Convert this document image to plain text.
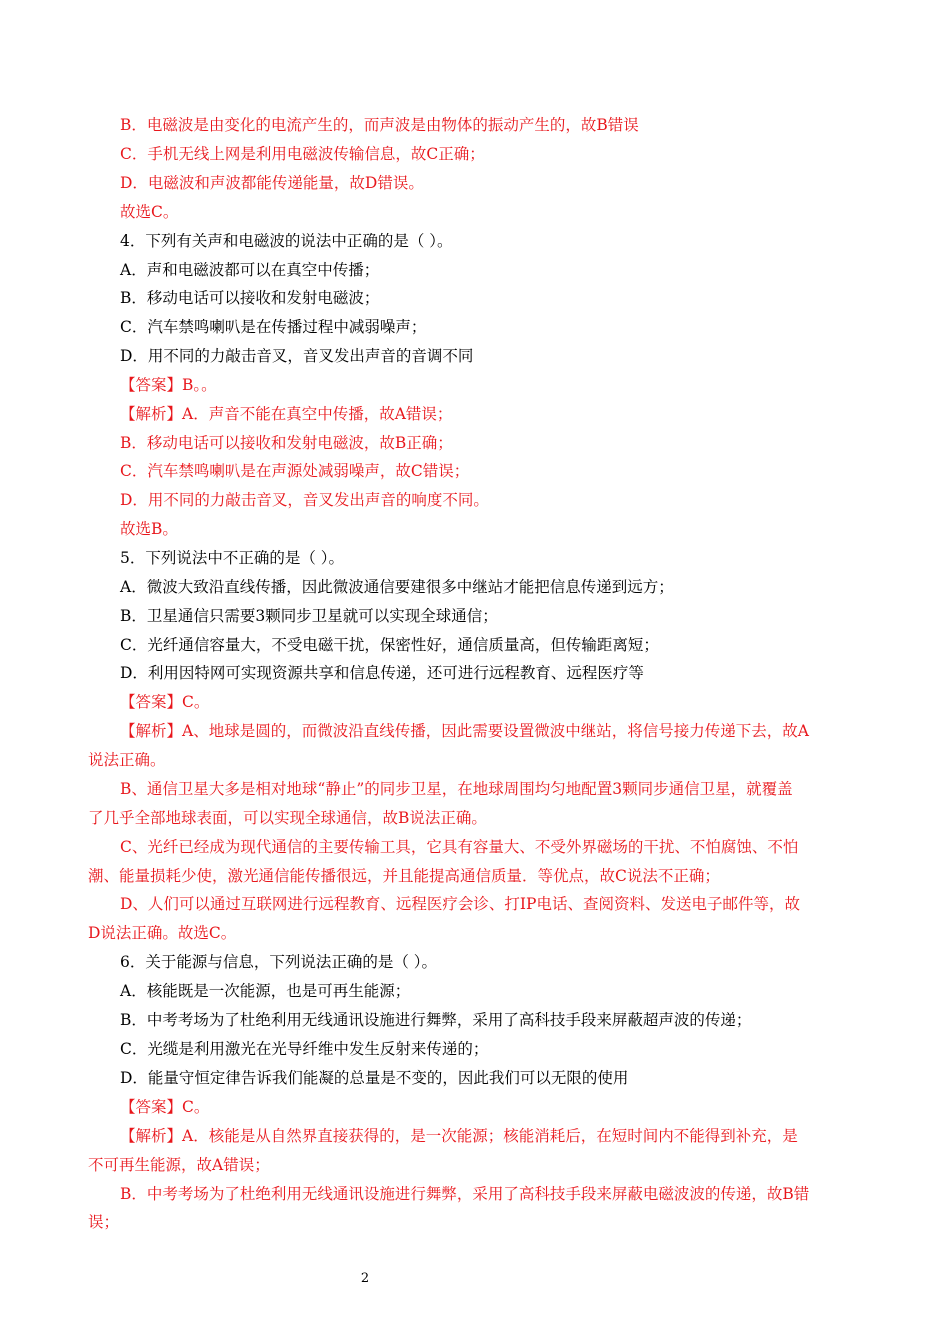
B．电磁波是由变化的电流产生的，而声波是由物体的振动产生的，故B错误
C．手机无线上网是利用电磁波传输信息，故C正确；
D．电磁波和声波都能传递能量，故D错误。
故选C。
4．下列有关声和电磁波的说法中正确的是（ ）。
A．声和电磁波都可以在真空中传播；
B．移动电话可以接收和发射电磁波；
C．汽车禁鸣喇叭是在传播过程中减弱噪声；
D．用不同的力敲击音叉，音叉发出声音的音调不同
【答案】B。。
【解析】A．声音不能在真空中传播，故A错误；
B．移动电话可以接收和发射电磁波，故B正确；
C．汽车禁鸣喇叭是在声源处减弱噪声，故C错误；
D．用不同的力敲击音叉，音叉发出声音的响度不同。
故选B。
5．下列说法中不正确的是（ ）。
A．微波大致沿直线传播，因此微波通信要建很多中继站才能把信息传递到远方；
B．卫星通信只需要3颗同步卫星就可以实现全球通信；
C．光纤通信容量大，不受电磁干扰，保密性好，通信质量高，但传输距离短；
D．利用因特网可实现资源共享和信息传递，还可进行远程教育、远程医疗等
【答案】C。
【解析】A、地球是圆的，而微波沿直线传播，因此需要设置微波中继站，将信号接力传递下去，故A
说法正确。
B、通信卫星大多是相对地球“静止”的同步卫星，在地球周围均匀地配置3颗同步通信卫星，就覆盖
了几乎全部地球表面，可以实现全球通信，故B说法正确。
C、光纤已经成为现代通信的主要传输工具，它具有容量大、不受外界磁场的干扰、不怕腐蚀、不怕
潮、能量损耗少使，激光通信能传播很远，并且能提高通信质量．等优点，故C说法不正确；
D、人们可以通过互联网进行远程教育、远程医疗会诊、打IP电话、查阅资料、发送电子邮件等，故
D说法正确。故选C。
6．关于能源与信息，下列说法正确的是（ ）。
A．核能既是一次能源，也是可再生能源；
B．中考考场为了杜绝利用无线通讯设施进行舞弊，采用了高科技手段来屏蔽超声波的传递；
C．光缆是利用激光在光导纤维中发生反射来传递的；
D．能量守恒定律告诉我们能凝的总量是不变的，因此我们可以无限的使用
【答案】C。
【解析】A．核能是从自然界直接获得的，是一次能源；核能消耗后，在短时间内不能得到补充，是
不可再生能源，故A错误；
B．中考考场为了杜绝利用无线通讯设施进行舞弊，采用了高科技手段来屏蔽电磁波波的传递，故B错
误；
2
